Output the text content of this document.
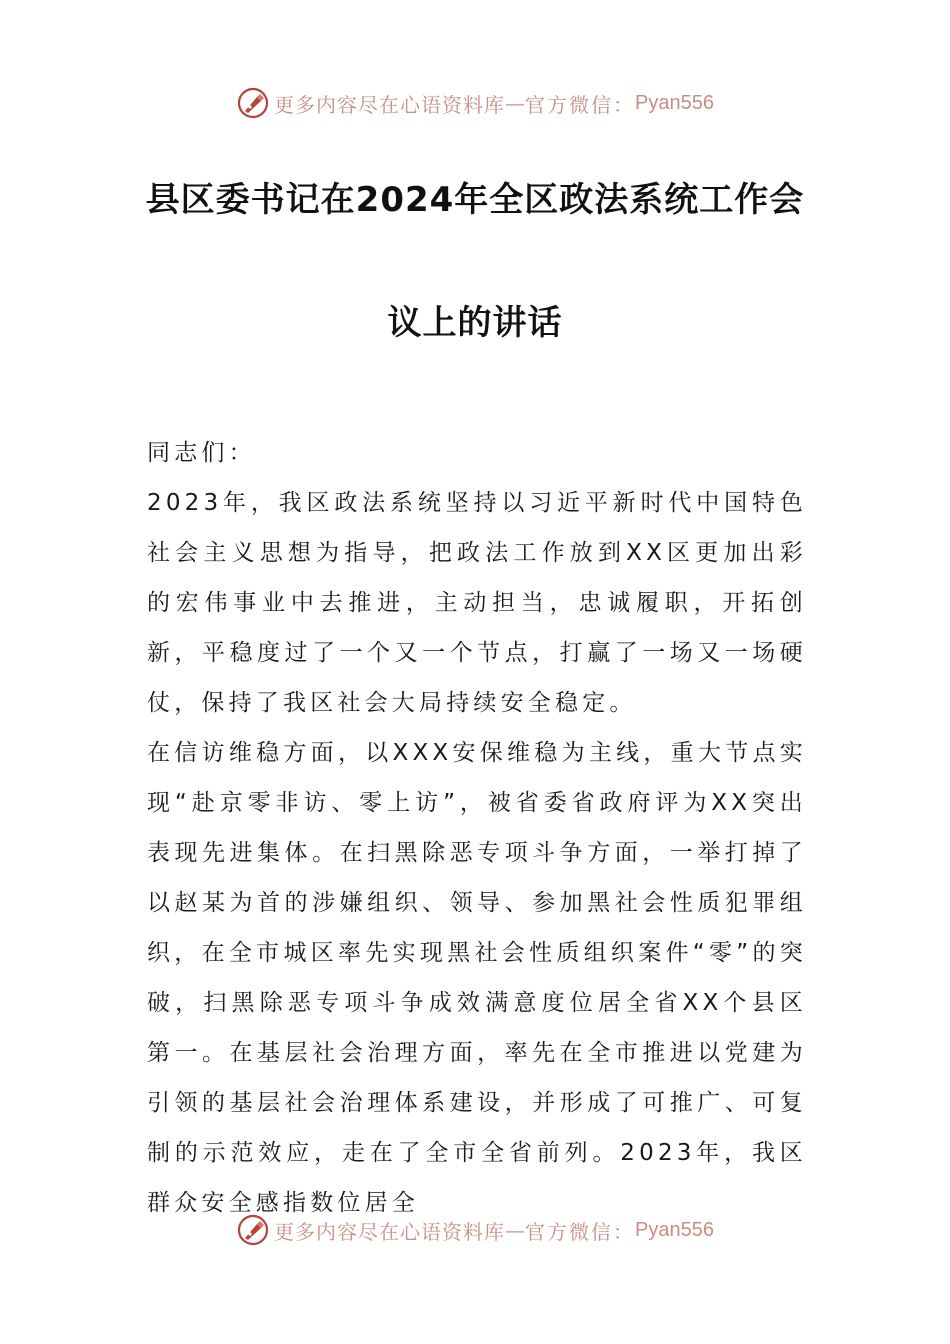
更多内容尽在心语资料库 — 官方微信： Pyan556
县区委书记在2024年全区政法系统工作会
议上的讲话

同志们：

2023年，我区政法系统坚持以习近平新时代中国特色社会主义思想为指导，把政法工作放到XX区更加出彩的宏伟事业中去推进，主动担当，忠诚履职，开拓创新，平稳度过了一个又一个节点，打赢了一场又一场硬仗，保持了我区社会大局持续安全稳定。

在信访维稳方面，以XXX安保维稳为主线，重大节点实现“赴京零非访、零上访”，被省委省政府评为XX突出表现先进集体。在扫黑除恶专项斗争方面，一举打掉了以赵某为首的涉嫌组织、领导、参加黑社会性质犯罪组织，在全市城区率先实现黑社会性质组织案件“零”的突破，扫黑除恶专项斗争成效满意度位居全省XX个县区第一。在基层社会治理方面，率先在全市推进以党建为引领的基层社会治理体系建设，并形成了可推广、可复制的示范效应，走在了全市全省前列。2023年，我区群众安全感指数位居全

更多内容尽在心语资料库 — 官方微信： Pyan556
